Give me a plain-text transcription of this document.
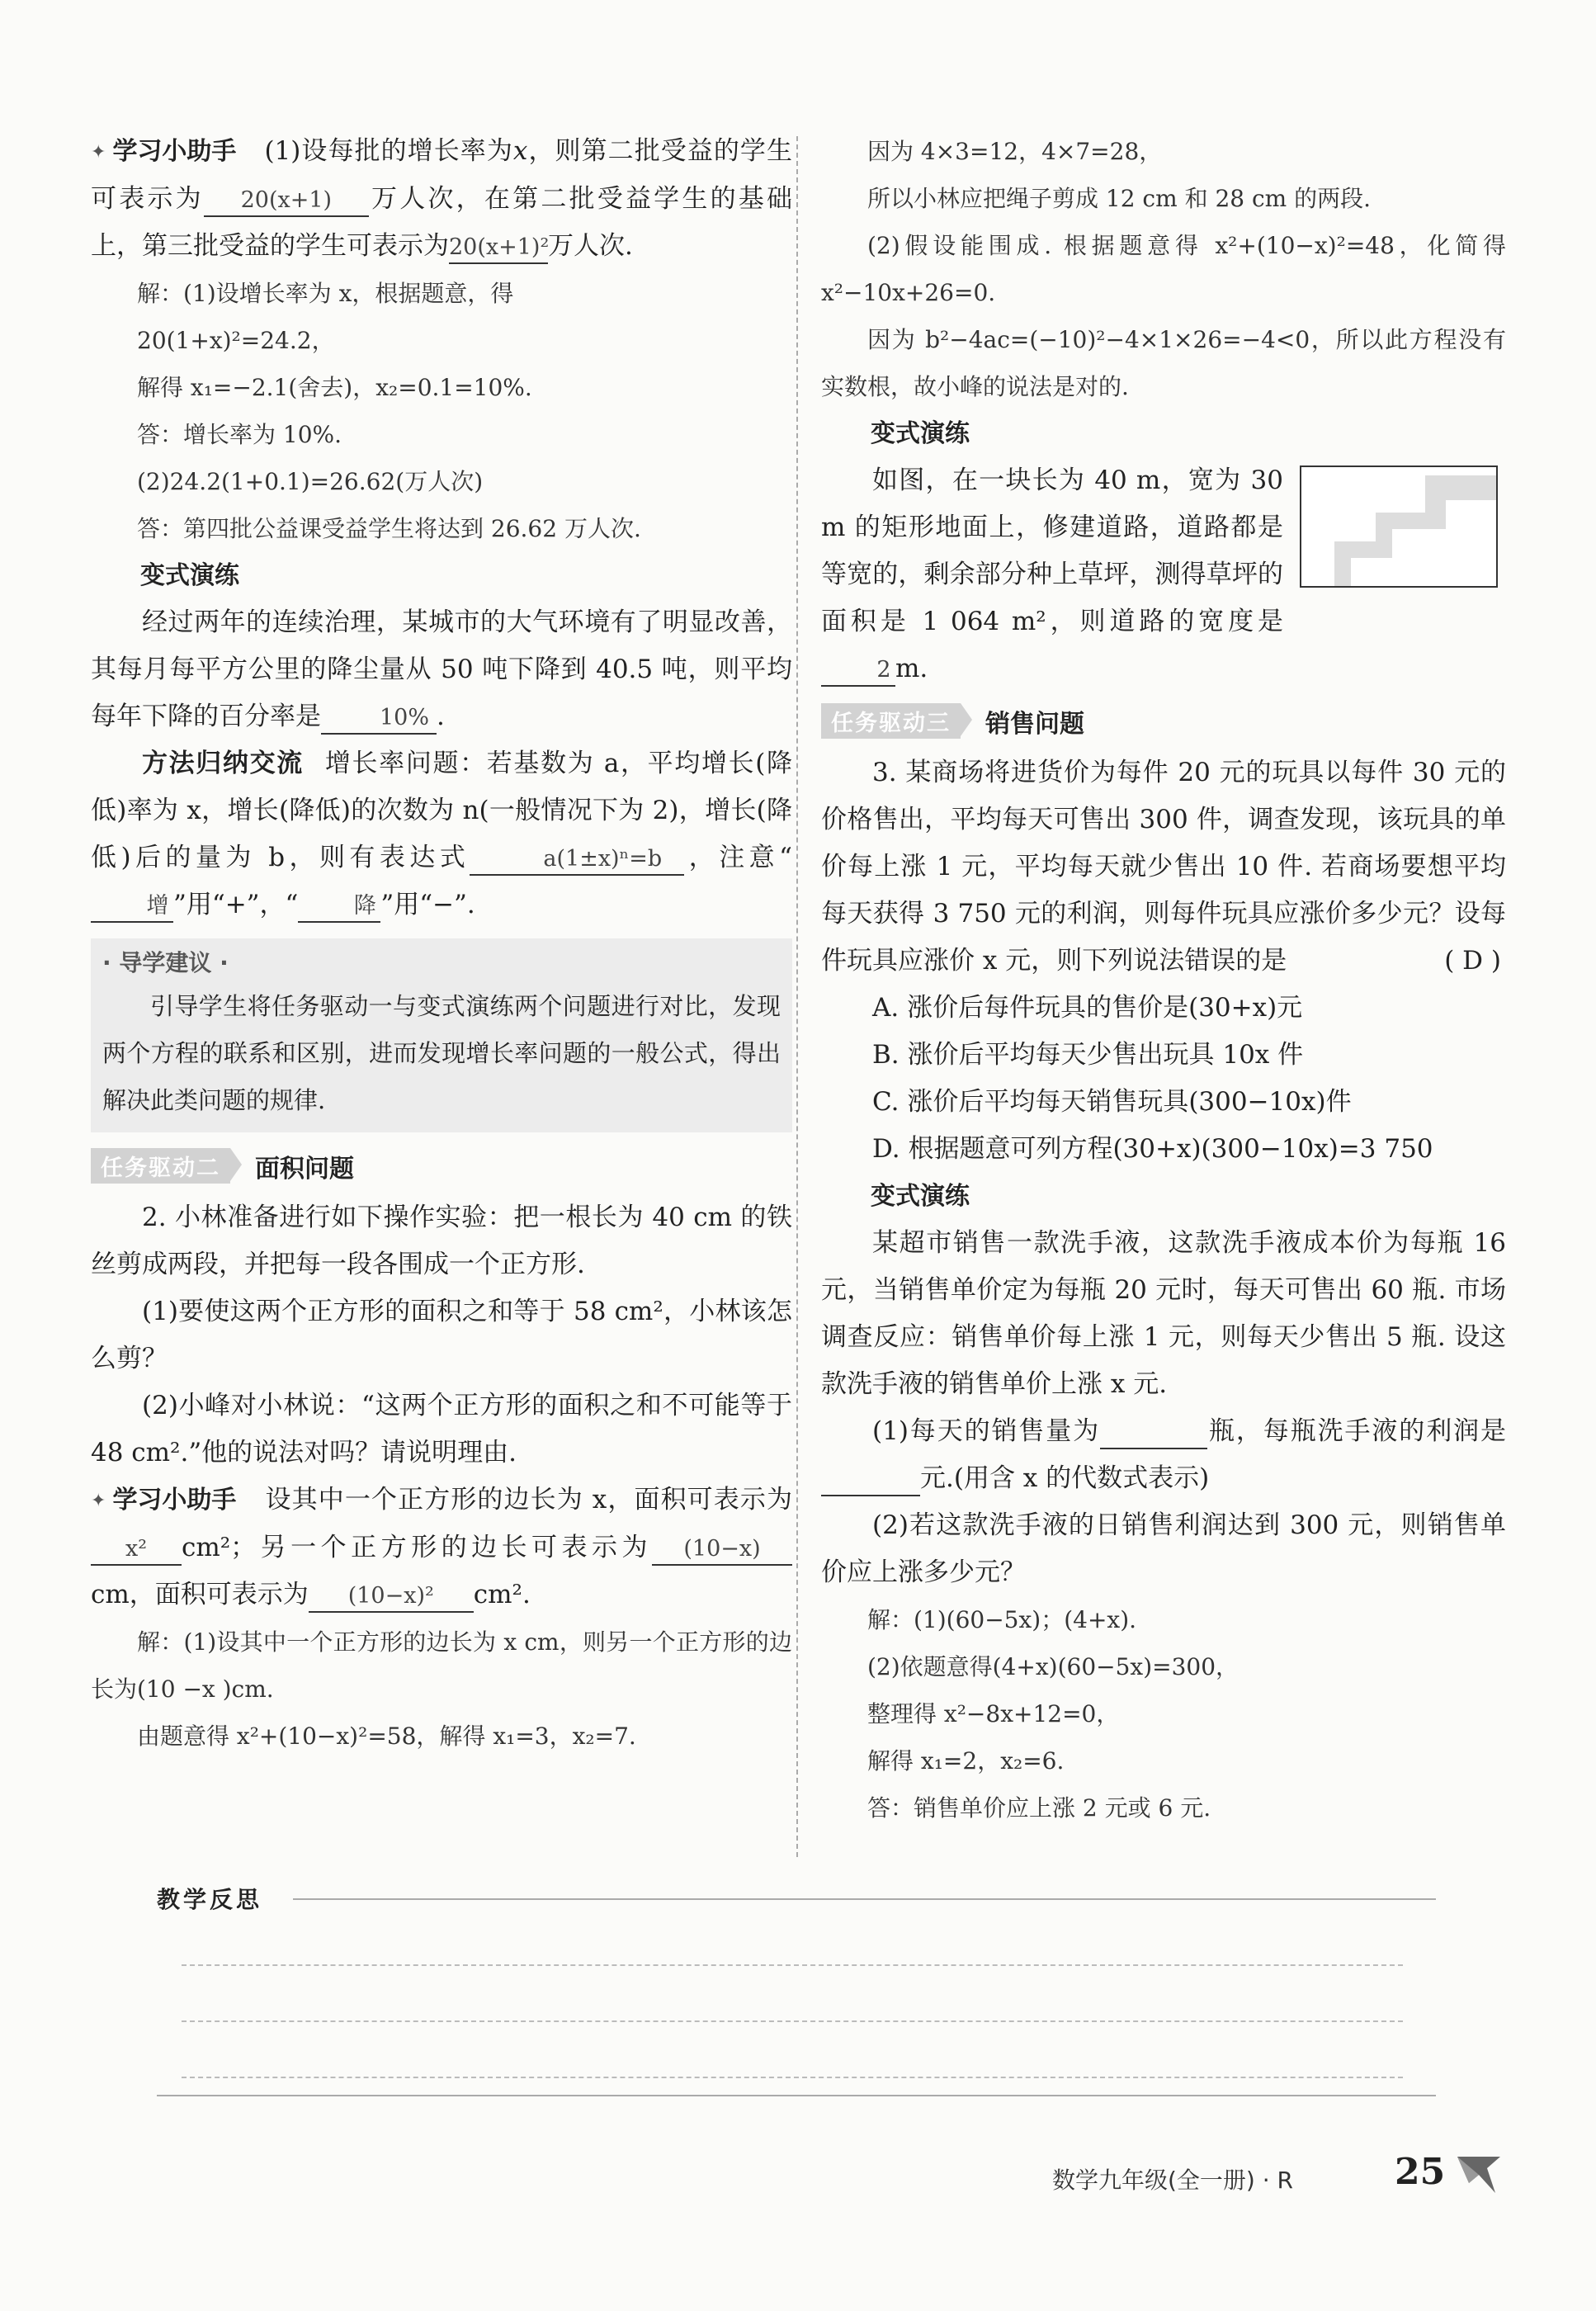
✦ 学习小助手 (1)设每批的增长率为x，则第二批受益的学生可表示为 20(x+1) 万人次，在第二批受益学生的基础上，第三批受益的学生可表示为20(x+1)²万人次.

解：(1)设增长率为 x，根据题意，得

20(1+x)²=24.2，

解得 x₁=−2.1(舍去)，x₂=0.1=10%.

答：增长率为 10%.

(2)24.2(1+0.1)=26.62(万人次)

答：第四批公益课受益学生将达到 26.62 万人次.

变式演练

经过两年的连续治理，某城市的大气环境有了明显改善，其每月每平方公里的降尘量从 50 吨下降到 40.5 吨，则平均每年下降的百分率是	10% .

方法归纳交流 增长率问题：若基数为 a，平均增长(降低)率为 x，增长(降低)的次数为 n(一般情况下为 2)，增长(降低)后的量为 b，则有表达式	a(1±x)ⁿ=b ，注意“增 ”用“+”，“	降 ”用“−”.

· 导学建议 ·

引导学生将任务驱动一与变式演练两个问题进行对比，发现两个方程的联系和区别，进而发现增长率问题的一般公式，得出解决此类问题的规律.

任务驱动二	面积问题

2. 小林准备进行如下操作实验：把一根长为 40 cm 的铁丝剪成两段，并把每一段各围成一个正方形.

(1)要使这两个正方形的面积之和等于 58 cm²，小林该怎么剪？

(2)小峰对小林说：“这两个正方形的面积之和不可能等于 48 cm².”他的说法对吗？请说明理由.

✦ 学习小助手 设其中一个正方形的边长为 x，面积可表示为x² cm²；另一个正方形的边长可表示为 (10−x)cm，面积可表示为 (10−x)² cm².

解：(1)设其中一个正方形的边长为 x cm，则另一个正方形的边长为(10 −x )cm.

由题意得 x²+(10−x)²=58，解得 x₁=3，x₂=7.

因为 4×3=12，4×7=28，

所以小林应把绳子剪成 12 cm 和 28 cm 的两段.

(2)假设能围成. 根据题意得 x²+(10−x)²=48，化简得 x²−10x+26=0.

因为 b²−4ac=(−10)²−4×1×26=−4<0，所以此方程没有实数根，故小峰的说法是对的.

变式演练

如图，在一块长为 40 m，宽为 30 m 的矩形地面上，修建道路，道路都是等宽的，剩余部分种上草坪，测得草坪的面积是 1 064 m²，则道路的宽度是2 m.

任务驱动三	销售问题

3. 某商场将进货价为每件 20 元的玩具以每件 30 元的价格售出，平均每天可售出 300 件，调查发现，该玩具的单价每上涨 1 元，平均每天就少售出 10 件. 若商场要想平均每天获得 3 750 元的利润，则每件玩具应涨价多少元？设每件玩具应涨价 x 元，则下列说法错误的是	( D )

A. 涨价后每件玩具的售价是(30+x)元

B. 涨价后平均每天少售出玩具 10x 件

C. 涨价后平均每天销售玩具(300−10x)件

D. 根据题意可列方程(30+x)(300−10x)=3 750

变式演练

某超市销售一款洗手液，这款洗手液成本价为每瓶 16 元，当销售单价定为每瓶 20 元时，每天可售出 60 瓶. 市场调查反应：销售单价每上涨 1 元，则每天少售出 5 瓶. 设这款洗手液的销售单价上涨 x 元.

(1)每天的销售量为	瓶，每瓶洗手液的利润是 元.(用含 x 的代数式表示)

(2)若这款洗手液的日销售利润达到 300 元，则销售单价应上涨多少元？

解：(1)(60−5x)；(4+x).

(2)依题意得(4+x)(60−5x)=300，

整理得 x²−8x+12=0，

解得 x₁=2，x₂=6.

答：销售单价应上涨 2 元或 6 元.

教学反思
数学九年级(全一册) · R	25
